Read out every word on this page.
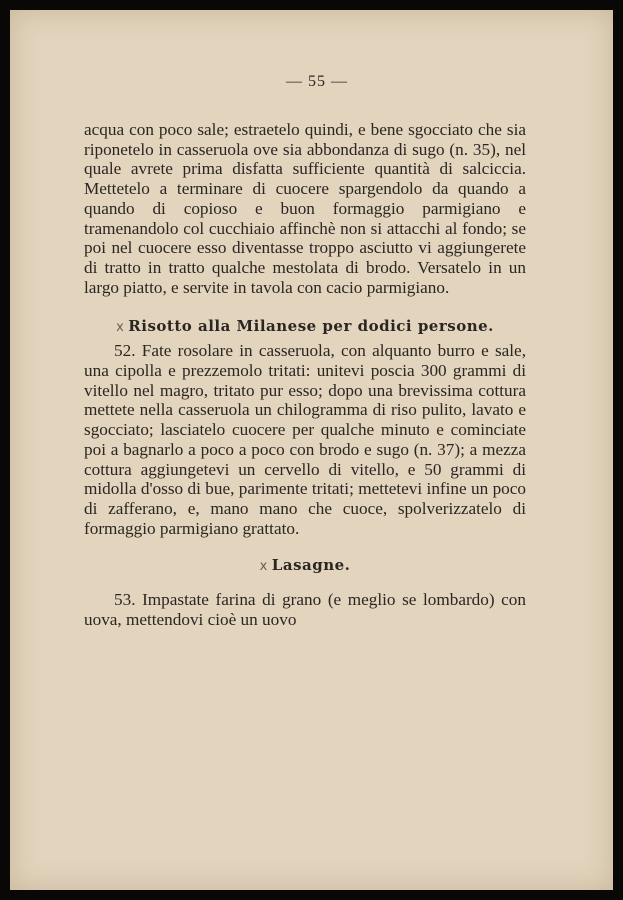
— 55 —

acqua con poco sale; estraetelo quindi, e bene sgocciato che sia riponetelo in casseruola ove sia abbondanza di sugo (n. 35), nel quale avrete prima disfatta sufficiente quantità di salciccia. Mettetelo a terminare di cuocere spargendolo da quando a quando di copioso e buon formaggio parmigiano e tramenandolo col cucchiaio affinchè non si attacchi al fondo; se poi nel cuocere esso diventasse troppo asciutto vi aggiungerete di tratto in tratto qualche mestolata di brodo. Versatelo in un largo piatto, e servite in tavola con cacio parmigiano.

x Risotto alla Milanese per dodici persone.

52. Fate rosolare in casseruola, con alquanto burro e sale, una cipolla e prezzemolo tritati: unitevi poscia 300 grammi di vitello nel magro, tritato pur esso; dopo una brevissima cottura mettete nella casseruola un chilogramma di riso pulito, lavato e sgocciato; lasciatelo cuocere per qualche minuto e cominciate poi a bagnarlo a poco a poco con brodo e sugo (n. 37); a mezza cottura aggiungetevi un cervello di vitello, e 50 grammi di midolla d'osso di bue, parimente tritati; mettetevi infine un poco di zafferano, e, mano mano che cuoce, spolverizzatelo di formaggio parmigiano grattato.

x Lasagne.

53. Impastate farina di grano (e meglio se lombardo) con uova, mettendovi cioè un uovo
